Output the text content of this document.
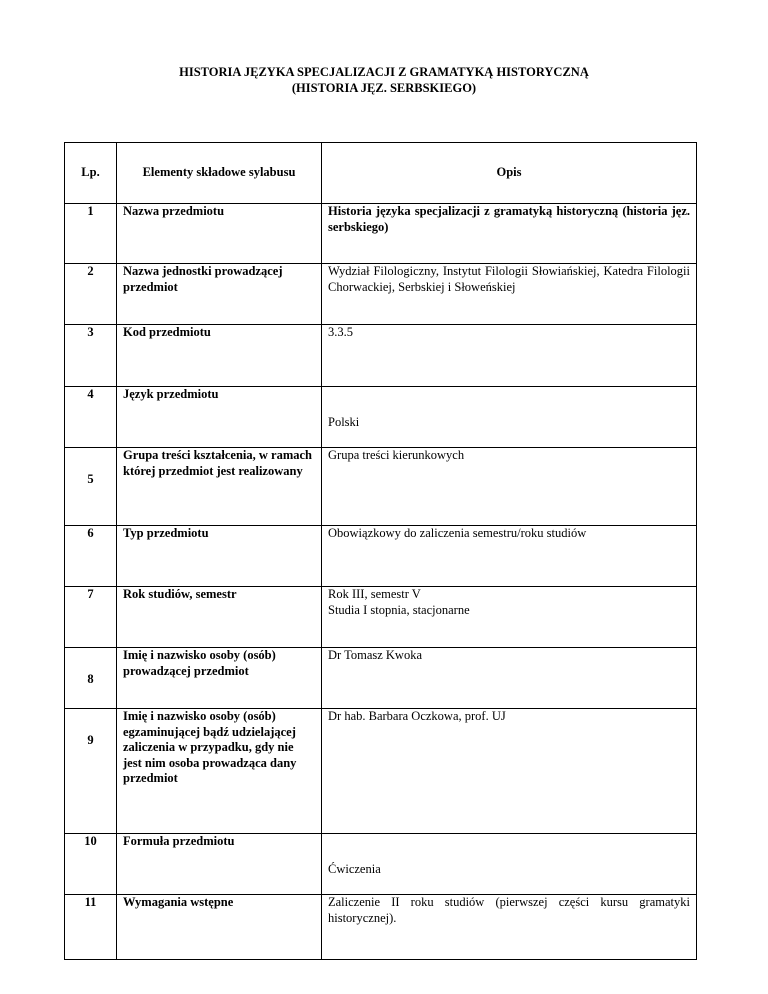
HISTORIA JĘZYKA SPECJALIZACJI Z GRAMATYKĄ HISTORYCZNĄ
(HISTORIA JĘZ. SERBSKIEGO)
Lp.	Elementy składowe sylabusu	Opis
1	Nazwa przedmiotu	Historia języka specjalizacji z gramatyką historyczną (historia jęz. serbskiego)
2	Nazwa jednostki prowadzącej przedmiot	Wydział Filologiczny, Instytut Filologii Słowiańskiej, Katedra Filologii Chorwackiej, Serbskiej i Słoweńskiej
3	Kod przedmiotu	3.3.5
4	Język przedmiotu	Polski
5	Grupa treści kształcenia, w ramach której przedmiot jest realizowany	Grupa treści kierunkowych
6	Typ przedmiotu	Obowiązkowy do zaliczenia semestru/roku studiów
7	Rok studiów, semestr	Rok III, semestr V
Studia I stopnia, stacjonarne

8	Imię i nazwisko osoby (osób) prowadzącej przedmiot	Dr Tomasz Kwoka
9	Imię i nazwisko osoby (osób) egzaminującej bądź udzielającej zaliczenia w przypadku, gdy nie jest nim osoba prowadząca dany przedmiot	Dr hab. Barbara Oczkowa, prof. UJ
10	Formuła przedmiotu	Ćwiczenia
11	Wymagania wstępne	Zaliczenie II roku studiów (pierwszej części kursu gramatyki historycznej).
